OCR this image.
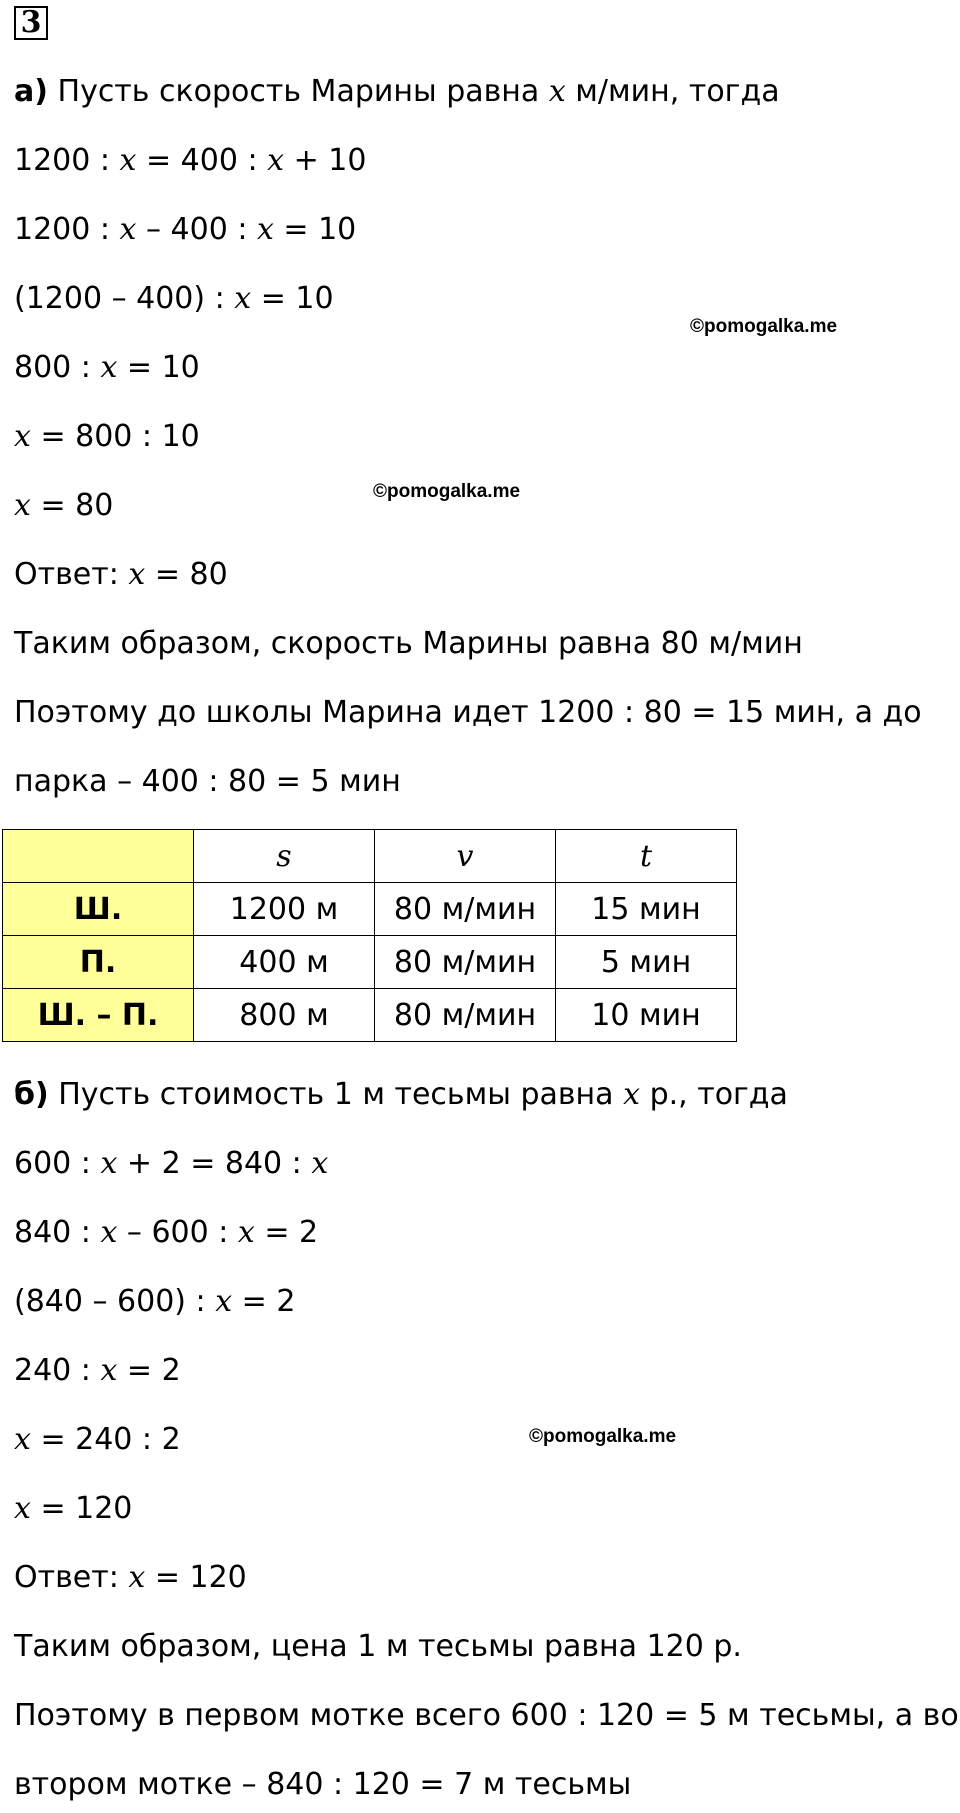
3
а) Пусть скорость Марины равна x м/мин, тогда
1200 : x = 400 : x + 10
1200 : x – 400 : x = 10
(1200 – 400) : x = 10
©pomogalka.me
800 : x = 10
x = 800 : 10
©pomogalka.me
x = 80
Ответ: x = 80
Таким образом, скорость Марины равна 80 м/мин
Поэтому до школы Марина идет 1200 : 80 = 15 мин, а до
парка – 400 : 80 = 5 мин
	s	v	t
Ш.	1200 м	80 м/мин	15 мин
П.	400 м	80 м/мин	5 мин
Ш. – П.	800 м	80 м/мин	10 мин
б) Пусть стоимость 1 м тесьмы равна x р., тогда
600 : x + 2 = 840 : x
840 : x – 600 : x = 2
(840 – 600) : x = 2
240 : x = 2
©pomogalka.me
x = 240 : 2
x = 120
Ответ: x = 120
Таким образом, цена 1 м тесьмы равна 120 р.
Поэтому в первом мотке всего 600 : 120 = 5 м тесьмы, а во
втором мотке – 840 : 120 = 7 м тесьмы
